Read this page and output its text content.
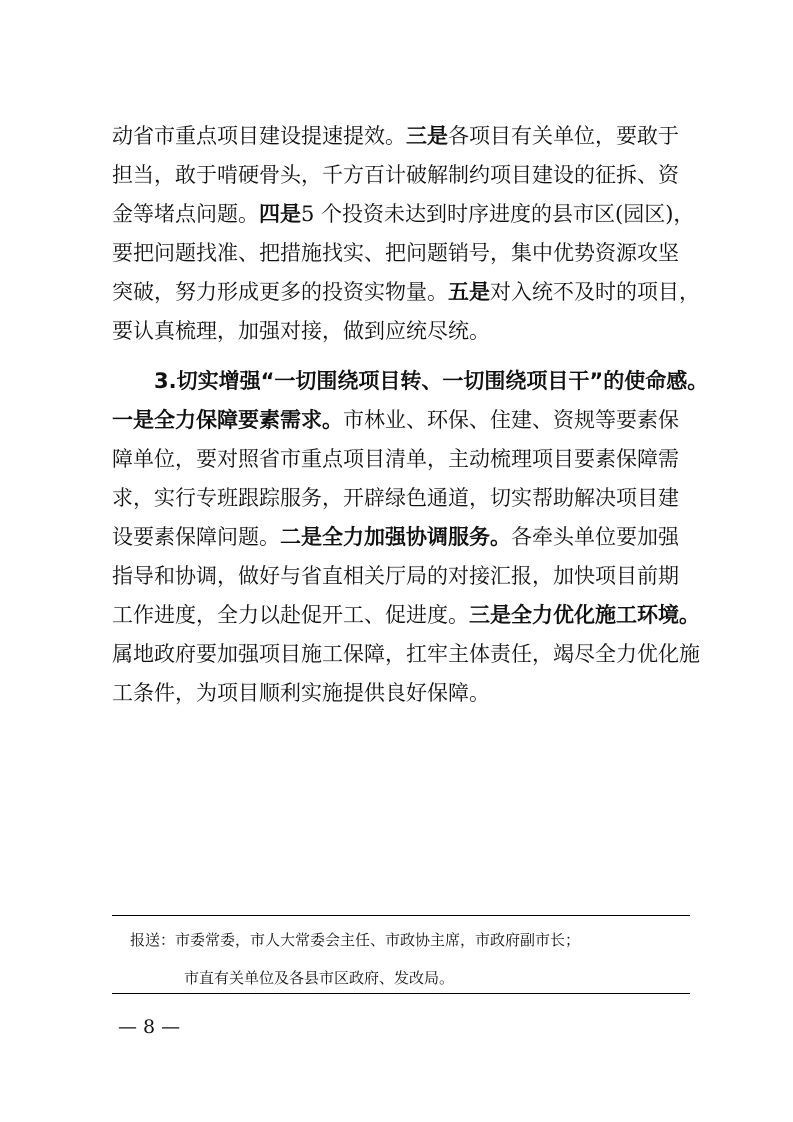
动省市重点项目建设提速提效。三是各项目有关单位，要敢于
担当，敢于啃硬骨头，千方百计破解制约项目建设的征拆、资
金等堵点问题。四是5 个投资未达到时序进度的县市区(园区)，
要把问题找准、把措施找实、把问题销号，集中优势资源攻坚
突破，努力形成更多的投资实物量。五是对入统不及时的项目，
要认真梳理，加强对接，做到应统尽统。
3.切实增强“一切围绕项目转、一切围绕项目干”的使命感。
一是全力保障要素需求。市林业、环保、住建、资规等要素保
障单位，要对照省市重点项目清单，主动梳理项目要素保障需
求，实行专班跟踪服务，开辟绿色通道，切实帮助解决项目建
设要素保障问题。二是全力加强协调服务。各牵头单位要加强
指导和协调，做好与省直相关厅局的对接汇报，加快项目前期
工作进度，全力以赴促开工、促进度。三是全力优化施工环境。
属地政府要加强项目施工保障，扛牢主体责任，竭尽全力优化施
工条件，为项目顺利实施提供良好保障。
报送：市委常委，市人大常委会主任、市政协主席，市政府副市长；
市直有关单位及各县市区政府、发改局。
— 8 —
